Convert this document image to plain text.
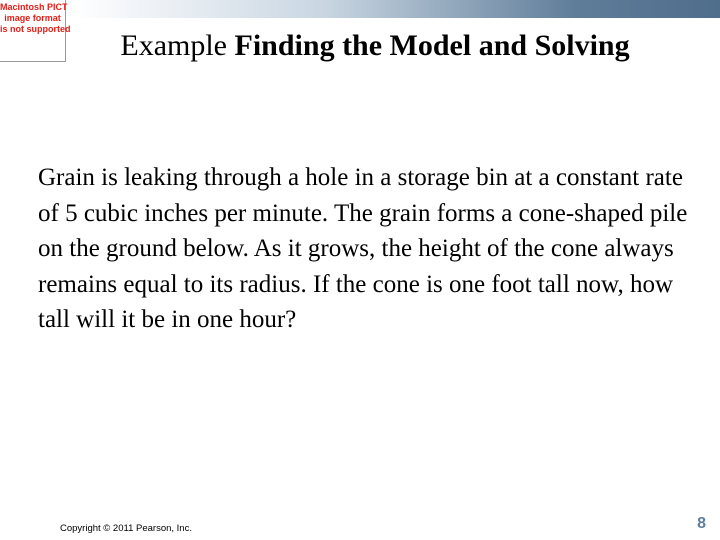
Macintosh PICT
image format
is not supported	Example Finding the Model and Solving

Grain is leaking through a hole in a storage bin at a constant rate of 5 cubic inches per minute. The grain forms a cone-shaped pile on the ground below. As it grows, the height of the cone always remains equal to its radius. If the cone is one foot tall now, how tall will it be in one hour?

Copyright © 2011 Pearson, Inc.	8
